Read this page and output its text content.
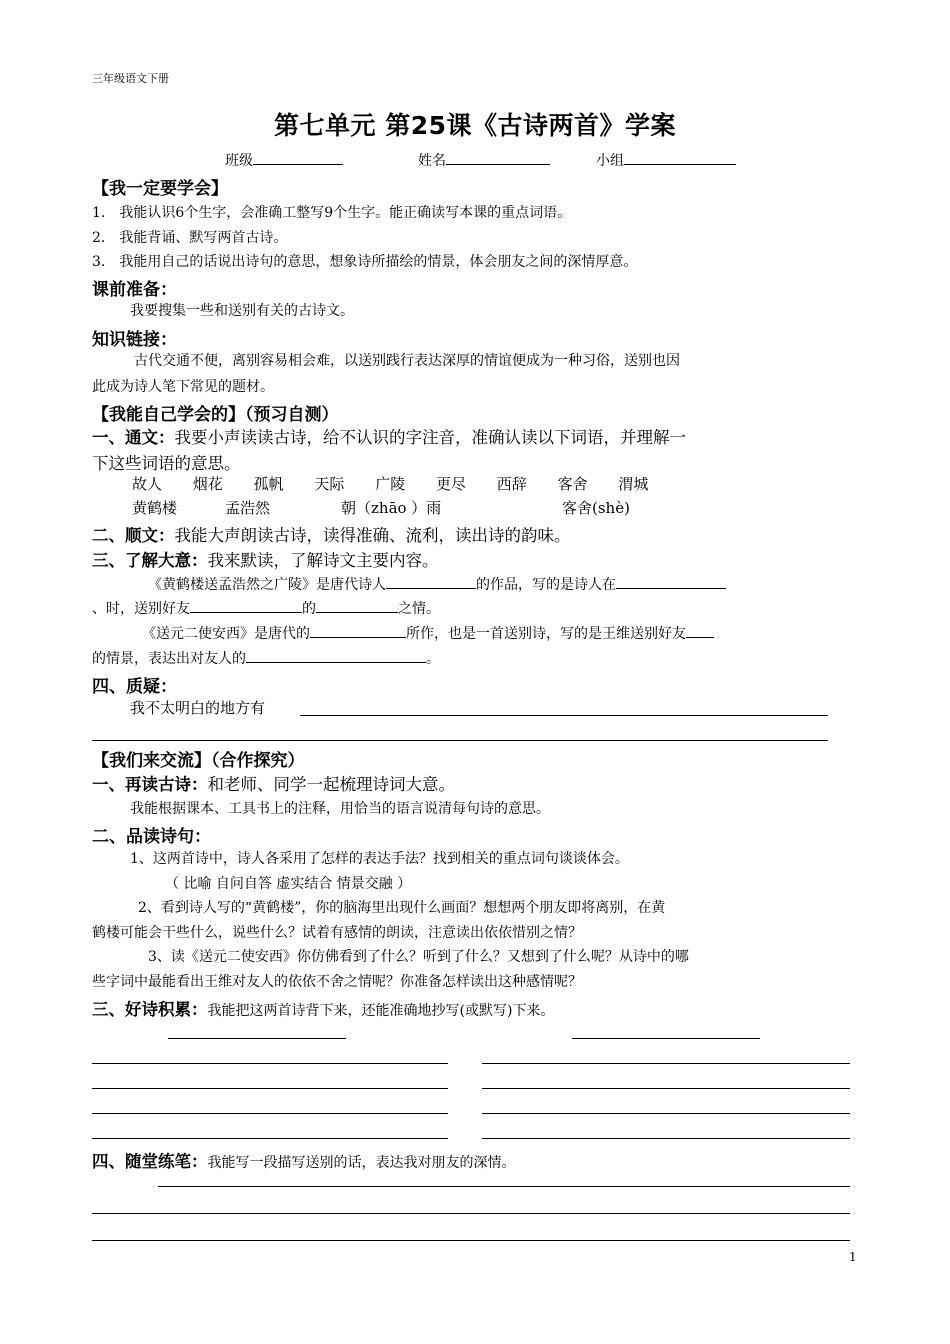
三年级语文下册
第七单元 第25课《古诗两首》学案
班级	姓名	小组
【我一定要学会】
1． 我能认识6个生字，会准确工整写9个生字。能正确读写本课的重点词语。
2． 我能背诵、默写两首古诗。
3． 我能用自己的话说出诗句的意思，想象诗所描绘的情景，体会朋友之间的深情厚意。
课前准备：
我要搜集一些和送别有关的古诗文。
知识链接：
古代交通不便，离别容易相会难，以送别践行表达深厚的情谊便成为一种习俗，送别也因
此成为诗人笔下常见的题材。
【我能自己学会的】（预习自测）
一、通文：我要小声读读古诗，给不认识的字注音，准确认读以下词语，并理解一
下这些词语的意思。
故人 烟花 孤帆 天际 广陵 更尽 西辞 客舍 渭城
黄鹤楼	孟浩然	朝（zhāo ）雨	客舍(shè)
二、顺文：我能大声朗读古诗，读得准确、流利，读出诗的韵味。
三、了解大意：我来默读，了解诗文主要内容。
《黄鹤楼送孟浩然之广陵》是唐代诗人	的作品，写的是诗人在
、时，送别好友	的	之情。
《送元二使安西》是唐代的	所作，也是一首送别诗，写的是王维送别好友
的情景，表达出对友人的	。
四、质疑：
我不太明白的地方有
【我们来交流】（合作探究）
一、再读古诗：和老师、同学一起梳理诗词大意。
我能根据课本、工具书上的注释，用恰当的语言说清每句诗的意思。
二、品读诗句：
1、这两首诗中，诗人各采用了怎样的表达手法？找到相关的重点词句谈谈体会。
（ 比喻 自问自答 虚实结合 情景交融 ）
2、看到诗人写的“黄鹤楼”，你的脑海里出现什么画面？想想两个朋友即将离别，在黄
鹤楼可能会干些什么，说些什么？试着有感情的朗读，注意读出依依惜别之情？
3、读《送元二使安西》你仿佛看到了什么？听到了什么？又想到了什么呢？从诗中的哪
些字词中最能看出王维对友人的依依不舍之情呢？你准备怎样读出这种感情呢？
三、好诗积累：我能把这两首诗背下来，还能准确地抄写(或默写)下来。
四、随堂练笔：我能写一段描写送别的话，表达我对朋友的深情。
1
